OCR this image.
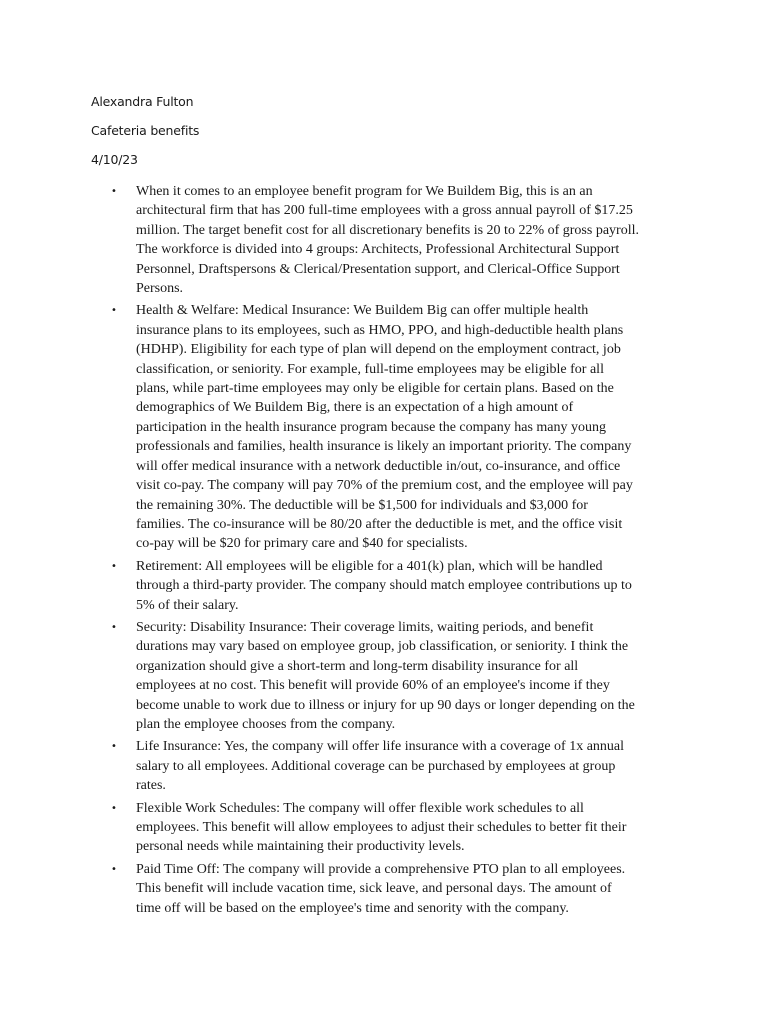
Alexandra Fulton
Cafeteria benefits
4/10/23
• When it comes to an employee benefit program for We Buildem Big, this is an an
architectural firm that has 200 full-time employees with a gross annual payroll of $17.25
million. The target benefit cost for all discretionary benefits is 20 to 22% of gross payroll.
The workforce is divided into 4 groups: Architects, Professional Architectural Support
Personnel, Draftspersons & Clerical/Presentation support, and Clerical-Office Support
Persons.
• Health & Welfare: Medical Insurance: We Buildem Big can offer multiple health
insurance plans to its employees, such as HMO, PPO, and high-deductible health plans
(HDHP). Eligibility for each type of plan will depend on the employment contract, job
classification, or seniority. For example, full-time employees may be eligible for all
plans, while part-time employees may only be eligible for certain plans. Based on the
demographics of We Buildem Big, there is an expectation of a high amount of
participation in the health insurance program because the company has many young
professionals and families, health insurance is likely an important priority. The company
will offer medical insurance with a network deductible in/out, co-insurance, and office
visit co-pay. The company will pay 70% of the premium cost, and the employee will pay
the remaining 30%. The deductible will be $1,500 for individuals and $3,000 for
families. The co-insurance will be 80/20 after the deductible is met, and the office visit
co-pay will be $20 for primary care and $40 for specialists.
• Retirement: All employees will be eligible for a 401(k) plan, which will be handled
through a third-party provider. The company should match employee contributions up to
5% of their salary.
• Security: Disability Insurance: Their coverage limits, waiting periods, and benefit
durations may vary based on employee group, job classification, or seniority. I think the
organization should give a short-term and long-term disability insurance for all
employees at no cost. This benefit will provide 60% of an employee's income if they
become unable to work due to illness or injury for up 90 days or longer depending on the
plan the employee chooses from the company.
• Life Insurance: Yes, the company will offer life insurance with a coverage of 1x annual
salary to all employees. Additional coverage can be purchased by employees at group
rates.
• Flexible Work Schedules: The company will offer flexible work schedules to all
employees. This benefit will allow employees to adjust their schedules to better fit their
personal needs while maintaining their productivity levels.
• Paid Time Off: The company will provide a comprehensive PTO plan to all employees.
This benefit will include vacation time, sick leave, and personal days. The amount of
time off will be based on the employee's time and senority with the company.
